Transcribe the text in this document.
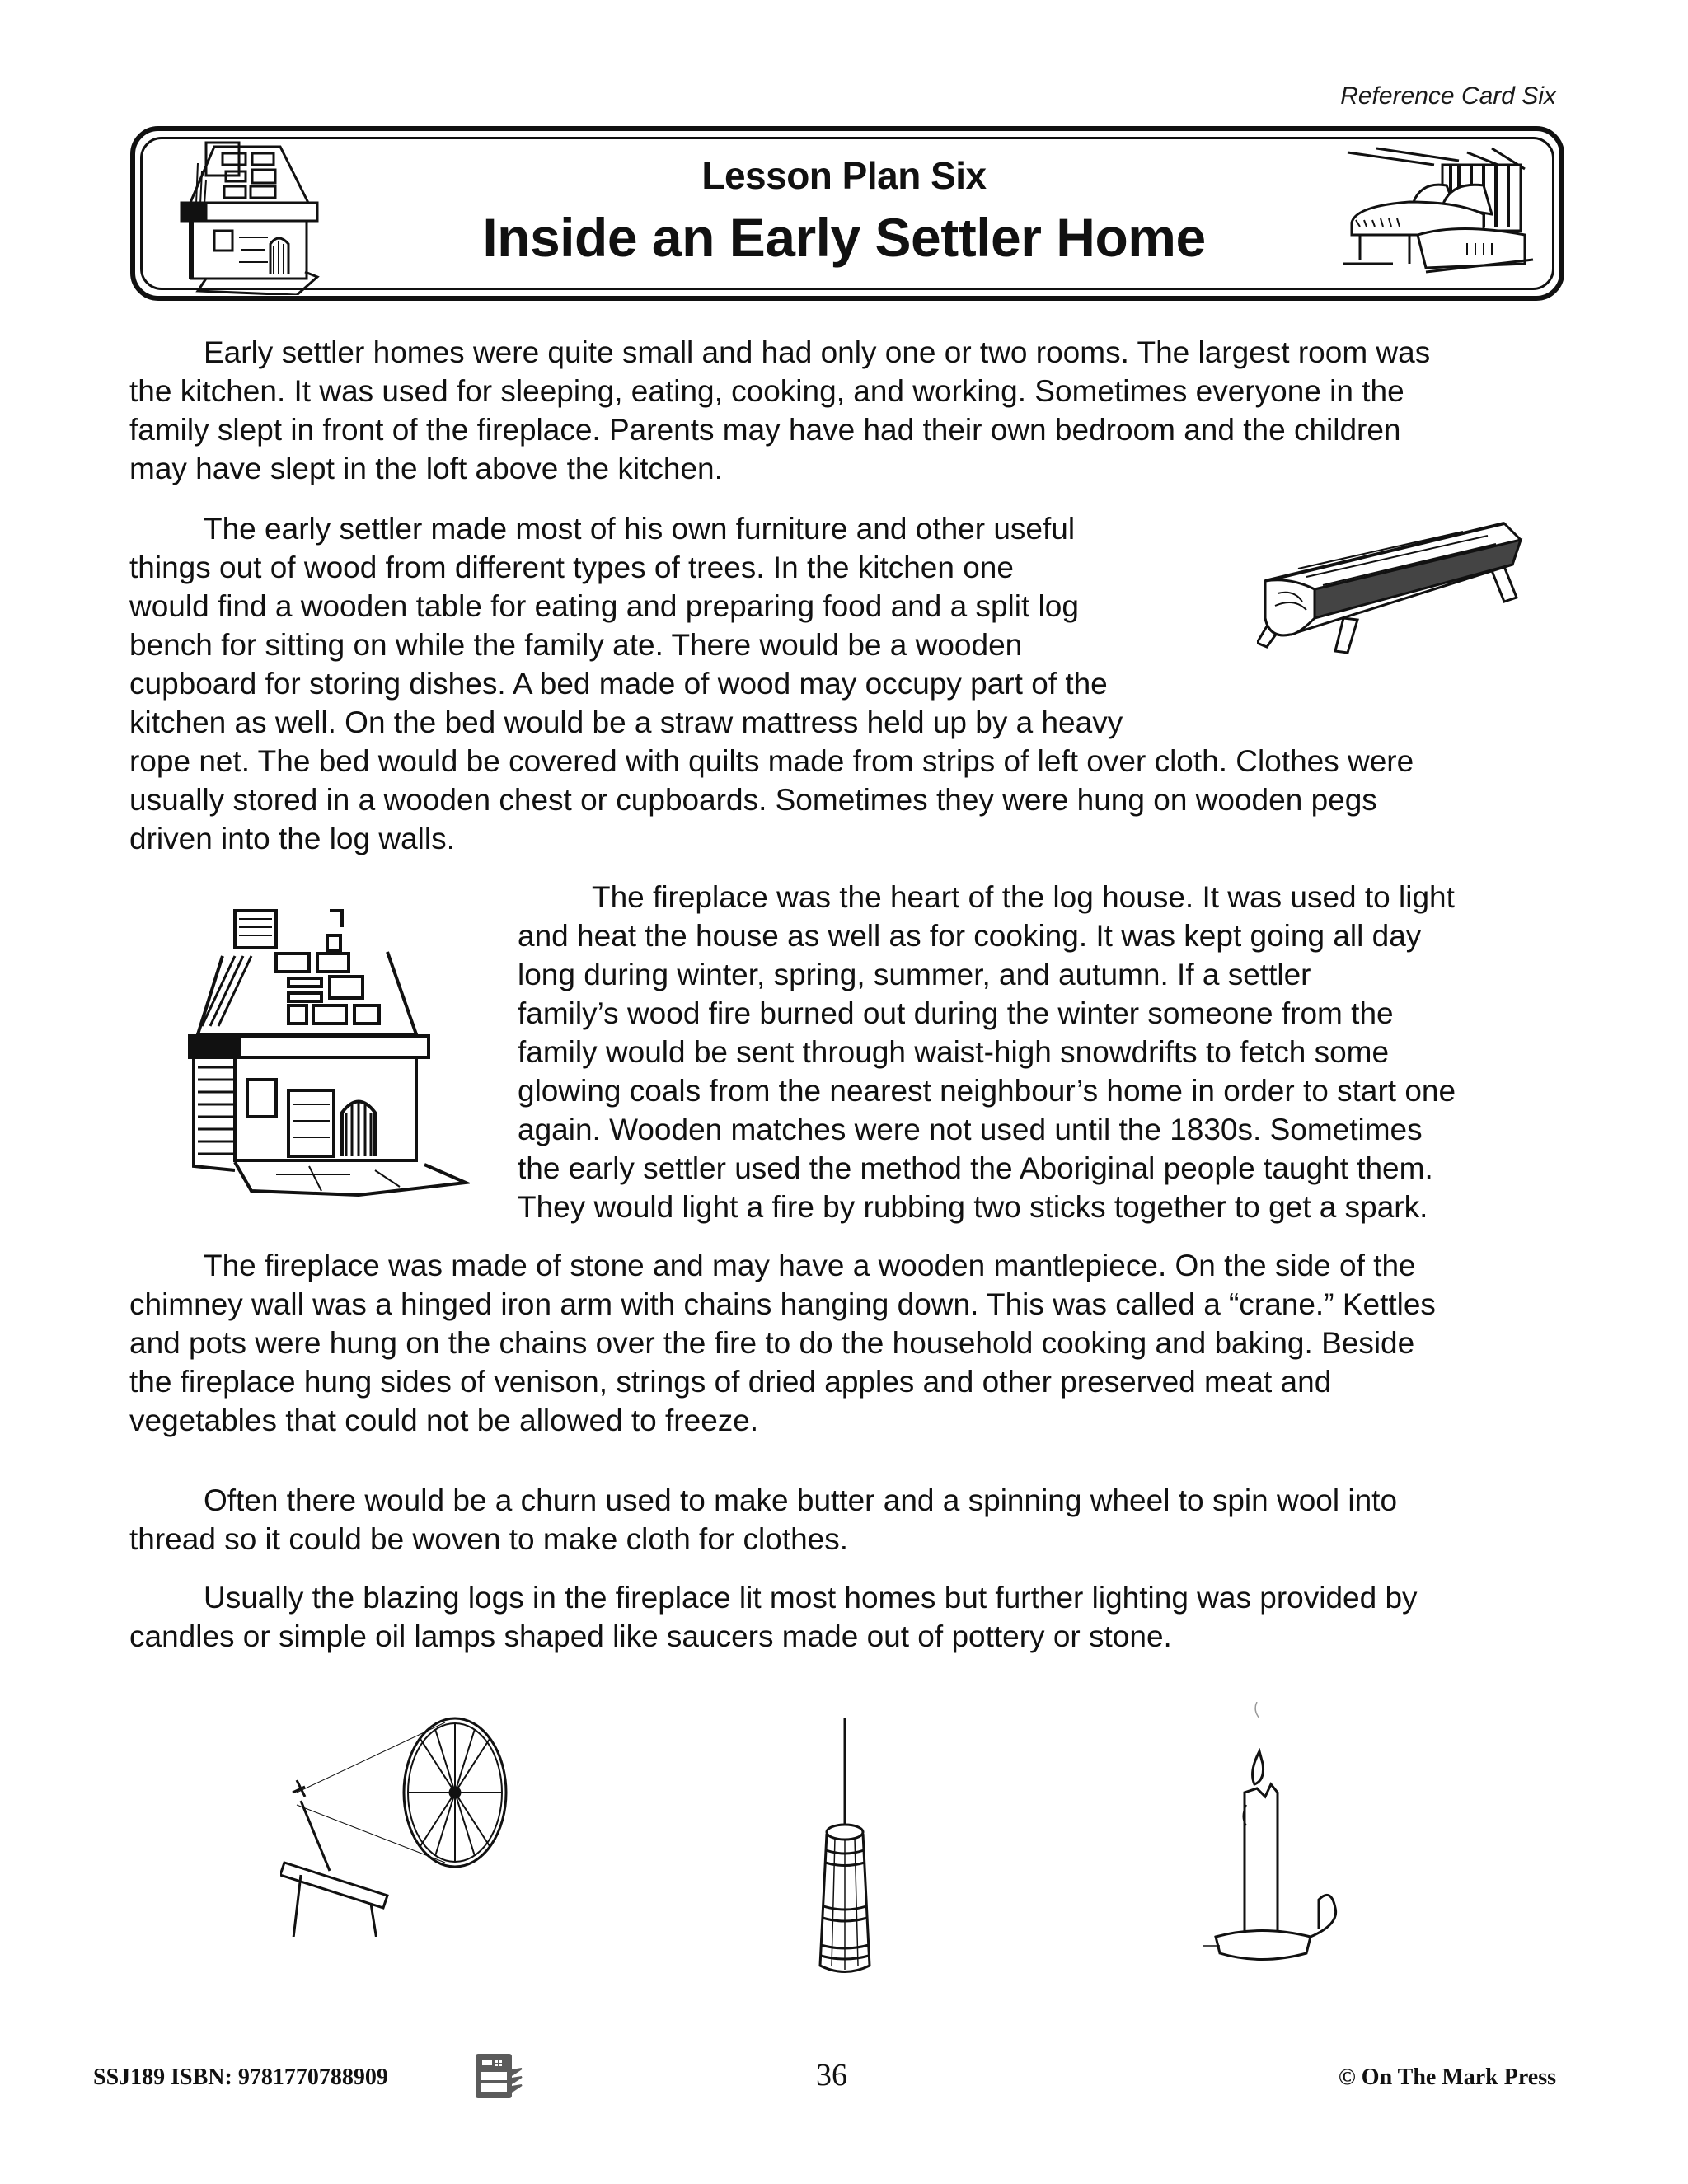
Reference Card Six
Lesson Plan Six
Inside an Early Settler Home
Early settler homes were quite small and had only one or two rooms. The largest room was
the kitchen. It was used for sleeping, eating, cooking, and working. Sometimes everyone in the
family slept in front of the fireplace. Parents may have had their own bedroom and the children
may have slept in the loft above the kitchen.
The early settler made most of his own furniture and other useful
things out of wood from different types of trees. In the kitchen one
would find a wooden table for eating and preparing food and a split log
bench for sitting on while the family ate. There would be a wooden
cupboard for storing dishes. A bed made of wood may occupy part of the
kitchen as well. On the bed would be a straw mattress held up by a heavy
rope net. The bed would be covered with quilts made from strips of left over cloth. Clothes were
usually stored in a wooden chest or cupboards. Sometimes they were hung on wooden pegs
driven into the log walls.
The fireplace was the heart of the log house. It was used to light
and heat the house as well as for cooking. It was kept going all day
long during winter, spring, summer, and autumn. If a settler
family’s wood fire burned out during the winter someone from the
family would be sent through waist-high snowdrifts to fetch some
glowing coals from the nearest neighbour’s home in order to start one
again. Wooden matches were not used until the 1830s. Sometimes
the early settler used the method the Aboriginal people taught them.
They would light a fire by rubbing two sticks together to get a spark.
The fireplace was made of stone and may have a wooden mantlepiece. On the side of the
chimney wall was a hinged iron arm with chains hanging down. This was called a “crane.” Kettles
and pots were hung on the chains over the fire to do the household cooking and baking. Beside
the fireplace hung sides of venison, strings of dried apples and other preserved meat and
vegetables that could not be allowed to freeze.
Often there would be a churn used to make butter and a spinning wheel to spin wool into
thread so it could be woven to make cloth for clothes.
Usually the blazing logs in the fireplace lit most homes but further lighting was provided by
candles or simple oil lamps shaped like saucers made out of pottery or stone.
SSJ189 ISBN: 9781770788909	36	© On The Mark Press
